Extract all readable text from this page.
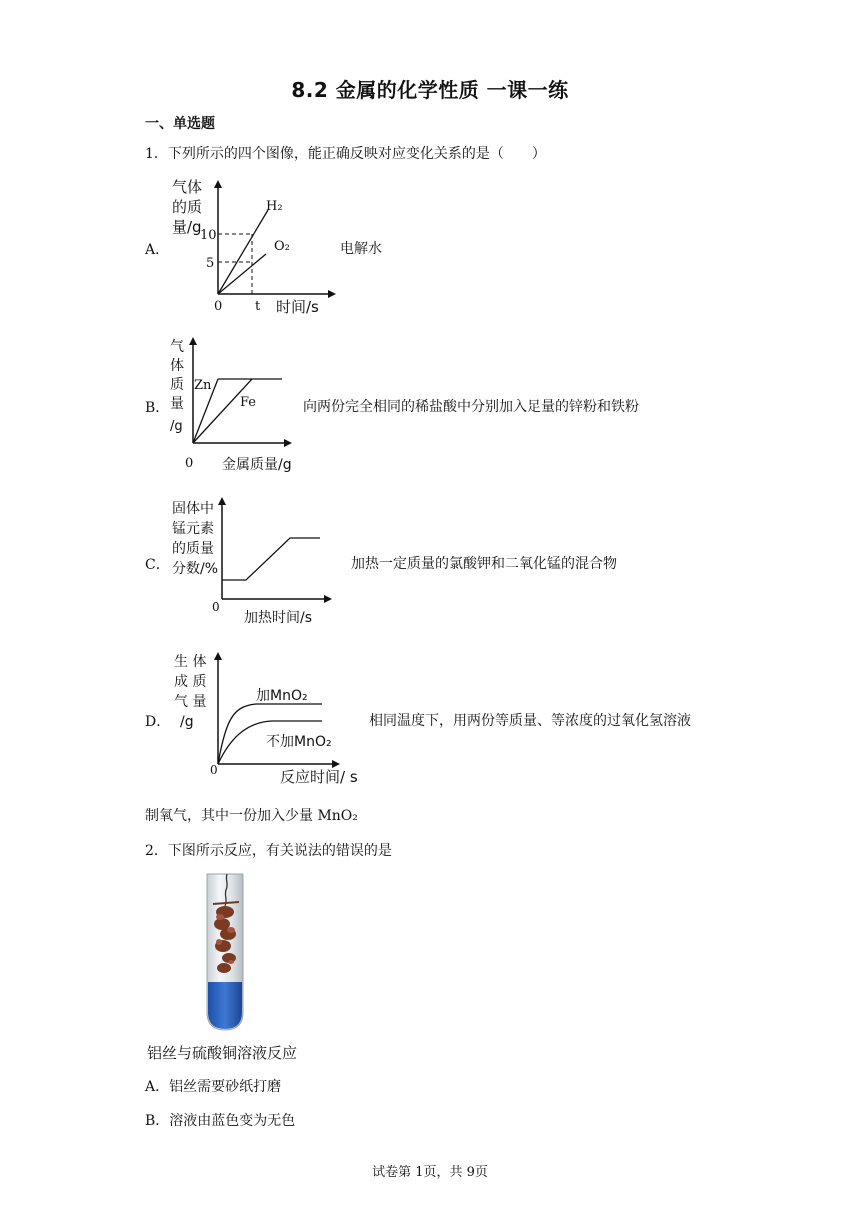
8.2 金属的化学性质 一课一练
一、单选题
1．下列所示的四个图像，能正确反映对应变化关系的是（　　）
A．
气体
的质
量/g
10
5
0	t 时间/s
H₂
O₂	电解水
B．
气
体
质
量
/g
Zn
Fe
0 金属质量/g
向两份完全相同的稀盐酸中分别加入足量的锌粉和铁粉
C．
固体中
锰元素
的质量
分数/%
0
加热时间/s
加热一定质量的氯酸钾和二氧化锰的混合物
D．
生 体
成 质
气 量
/g
加MnO₂
不加MnO₂
0	反应时间/ s
相同温度下，用两份等质量、等浓度的过氧化氢溶液
制氧气，其中一份加入少量 MnO₂
2．下图所示反应，有关说法的错误的是
铝丝与硫酸铜溶液反应
A．铝丝需要砂纸打磨
B．溶液由蓝色变为无色
试卷第 1页，共 9页
